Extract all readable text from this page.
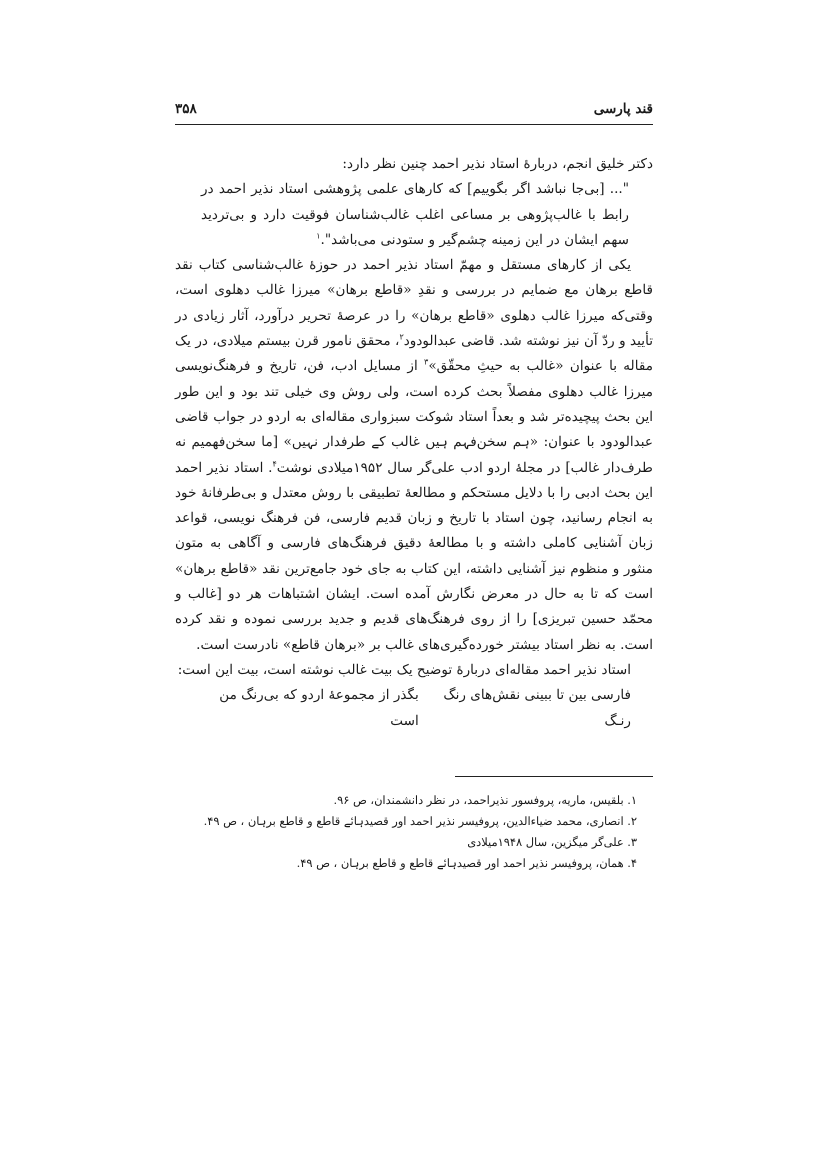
قند پارسی
۳۵۸

دکتر خلیق انجم، دربارهٔ استاد نذیر احمد چنین نظر دارد:

"... [بی‌جا نباشد اگر بگوییم] که کارهای علمی پژوهشی استاد نذیر احمد در رابط با غالب‌پژوهی بر مساعی اغلب غالب‌شناسان فوقیت دارد و بی‌تردید سهم ایشان در این زمینه چشم‌گیر و ستودنی می‌باشد".$^۱$

یکی از کارهای مستقل و مهمّ استاد نذیر احمد در حوزهٔ غالب‌شناسی کتاب نقد قاطع برهان مع ضمایم در بررسی و نقدِ «قاطع برهان» میرزا غالب دهلوی است، وقتی‌که میرزا غالب دهلوی «قاطع برهان» را در عرصهٔ تحریر درآورد، آثار زیادی در تأیید و ردّ آن نیز نوشته شد. قاضی عبدالودود$^۲$، محقق نامور قرن بیستم میلادی، در یک مقاله با عنوان «غالب به حیثِ محقّق»$^۳$ از مسایل ادب، فن، تاریخ و فرهنگ‌نویسی میرزا غالب دهلوی مفصلاً بحث کرده است، ولی روش وی خیلی تند بود و این طور این بحث پیچیده‌تر شد و بعداً استاد شوکت سبزواری مقاله‌ای به اردو در جواب قاضی عبدالودود با عنوان: «ہم سخن‌فہم ہیں غالب کے طرفدار نہیں» [ما سخن‌فهمیم نه طرف‌دار غالب] در مجلهٔ اردو ادب علی‌گر سال ۱۹۵۲میلادی نوشت$^۴$. استاد نذیر احمد این بحث ادبی را با دلایل مستحکم و مطالعهٔ تطبیقی با روش معتدل و بی‌طرفانهٔ خود به انجام رسانید، چون استاد با تاریخ و زبان قدیم فارسی، فن فرهنگ نویسی، قواعد زبان آشنایی کاملی داشته و با مطالعهٔ دقیق فرهنگ‌های فارسی و آگاهی به متون منثور و منظوم نیز آشنایی داشته، این کتاب به جای خود جامع‌ترین نقد «قاطع برهان» است که تا به حال در معرض نگارش آمده است. ایشان اشتباهات هر دو [غالب و محمّد حسین تبریزی] را از روی فرهنگ‌های قدیم و جدید بررسی نموده و نقد کرده است. به نظر استاد بیشتر خورده‌گیری‌های غالب بر «برهان قاطع» نادرست است.

استاد نذیر احمد مقاله‌ای دربارهٔ توضیح یک بیت غالب نوشته است، بیت این است:

فارسی بین تا ببینی نقش‌های رنگ رنـگ
بگذر از مجموعهٔ اردو که بی‌رنگ من است
۱. بلقیس، ماریه، پروفسور نذیراحمد، در نظر دانشمندان، ص ۹۶.
۲. انصاری، محمد ضیاءالدین، پروفیسر نذیر احمد اور قصیدہائے قاطع و قاطع برہان ، ص ۴۹.
۳. علی‌گر میگزین، سال ۱۹۴۸میلادی
۴. همان، پروفیسر نذیر احمد اور قصیدہائے قاطع و قاطع برہان ، ص ۴۹.
